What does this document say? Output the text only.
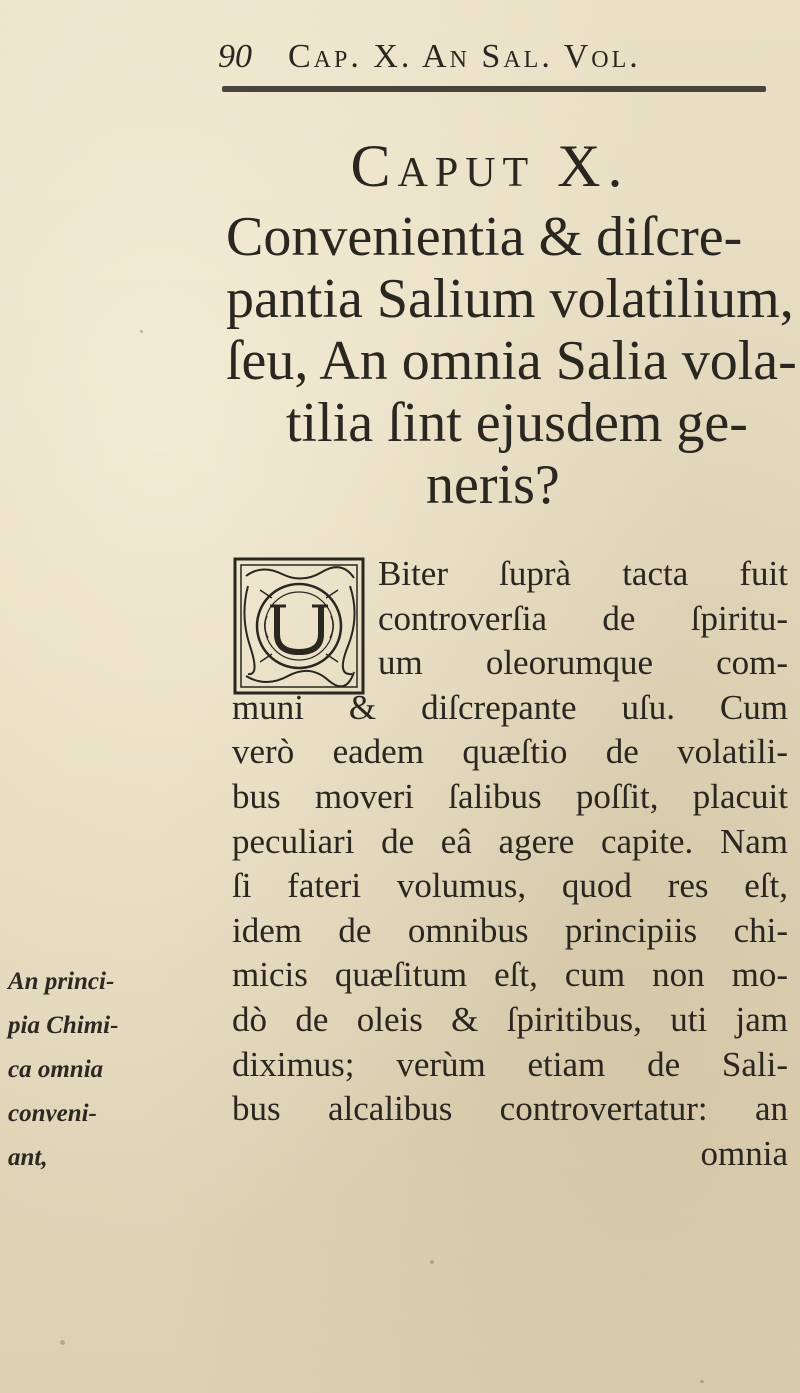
90 Cap. X. An Sal. Vol.
Caput X.
Convenientia & diſcre-
pantia Salium volatilium,
ſeu, An omnia Salia vola-
tilia ſint ejusdem ge-
neris?
Biter ſuprà tacta fuit
controverſia de ſpiritu-
um oleorumque com-
muni & diſcrepante uſu. Cum
verò eadem quæſtio de volatili-
bus moveri ſalibus poſſit, placuit
peculiari de eâ agere capite. Nam
ſi fateri volumus, quod res eſt,
idem de omnibus principiis chi-
micis quæſitum eſt, cum non mo-
dò de oleis & ſpiritibus, uti jam
diximus; verùm etiam de Sali-
bus alcalibus controvertatur: an
omnia
An princi-
pia Chimi-
ca omnia
conveni-
ant,
